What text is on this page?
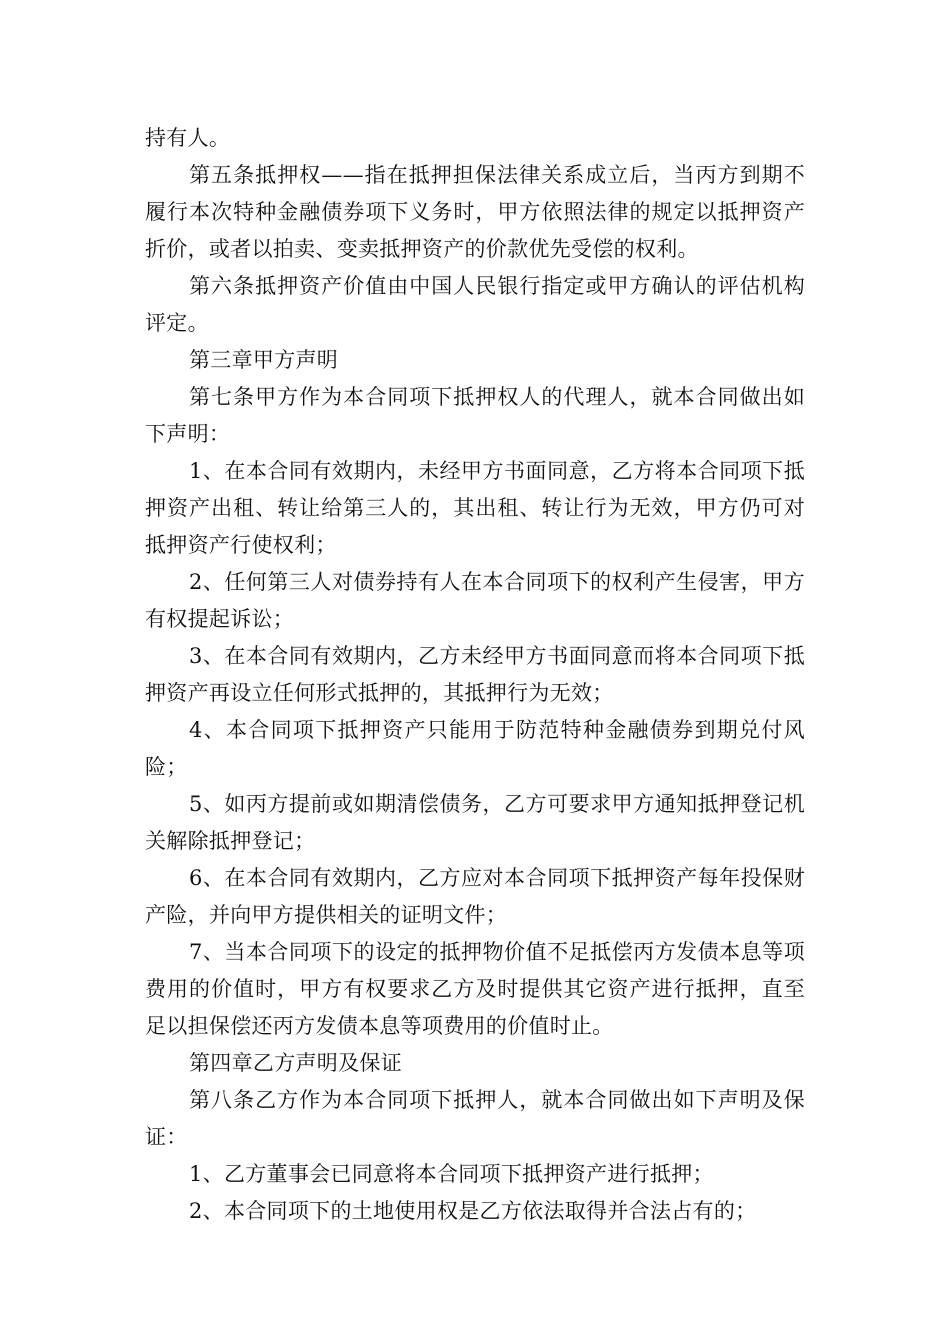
持有人。

第五条抵押权——指在抵押担保法律关系成立后，当丙方到期不履行本次特种金融债券项下义务时，甲方依照法律的规定以抵押资产折价，或者以拍卖、变卖抵押资产的价款优先受偿的权利。

第六条抵押资产价值由中国人民银行指定或甲方确认的评估机构评定。

第三章甲方声明

第七条甲方作为本合同项下抵押权人的代理人，就本合同做出如下声明：

1、在本合同有效期内，未经甲方书面同意，乙方将本合同项下抵押资产出租、转让给第三人的，其出租、转让行为无效，甲方仍可对抵押资产行使权利；

2、任何第三人对债券持有人在本合同项下的权利产生侵害，甲方有权提起诉讼；

3、在本合同有效期内，乙方未经甲方书面同意而将本合同项下抵押资产再设立任何形式抵押的，其抵押行为无效；

4、本合同项下抵押资产只能用于防范特种金融债券到期兑付风险；

5、如丙方提前或如期清偿债务，乙方可要求甲方通知抵押登记机关解除抵押登记；

6、在本合同有效期内，乙方应对本合同项下抵押资产每年投保财产险，并向甲方提供相关的证明文件；

7、当本合同项下的设定的抵押物价值不足抵偿丙方发债本息等项费用的价值时，甲方有权要求乙方及时提供其它资产进行抵押，直至足以担保偿还丙方发债本息等项费用的价值时止。

第四章乙方声明及保证

第八条乙方作为本合同项下抵押人，就本合同做出如下声明及保证：

1、乙方董事会已同意将本合同项下抵押资产进行抵押；

2、本合同项下的土地使用权是乙方依法取得并合法占有的；
